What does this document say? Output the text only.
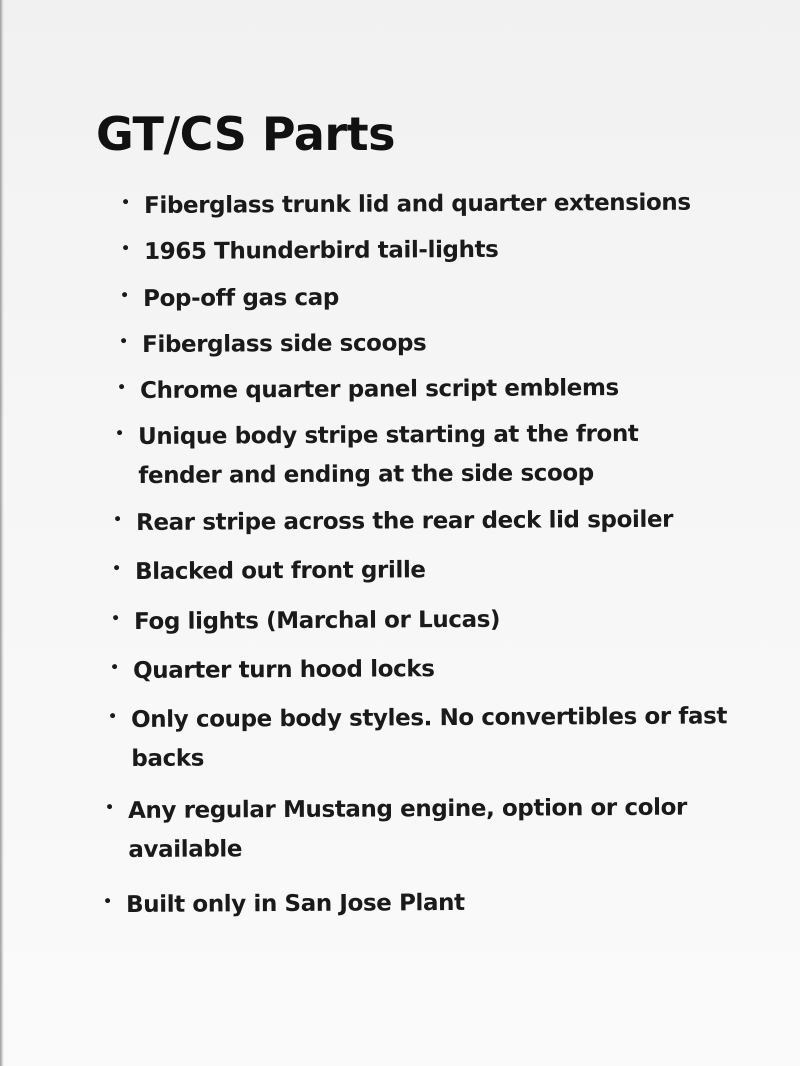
GT/CS Parts
Fiberglass trunk lid and quarter extensions
1965 Thunderbird tail-lights
Pop-off gas cap
Fiberglass side scoops
Chrome quarter panel script emblems
Unique body stripe starting at the front fender and ending at the side scoop
Rear stripe across the rear deck lid spoiler
Blacked out front grille
Fog lights (Marchal or Lucas)
Quarter turn hood locks
Only coupe body styles. No convertibles or fast backs
Any regular Mustang engine, option or color available
Built only in San Jose Plant
